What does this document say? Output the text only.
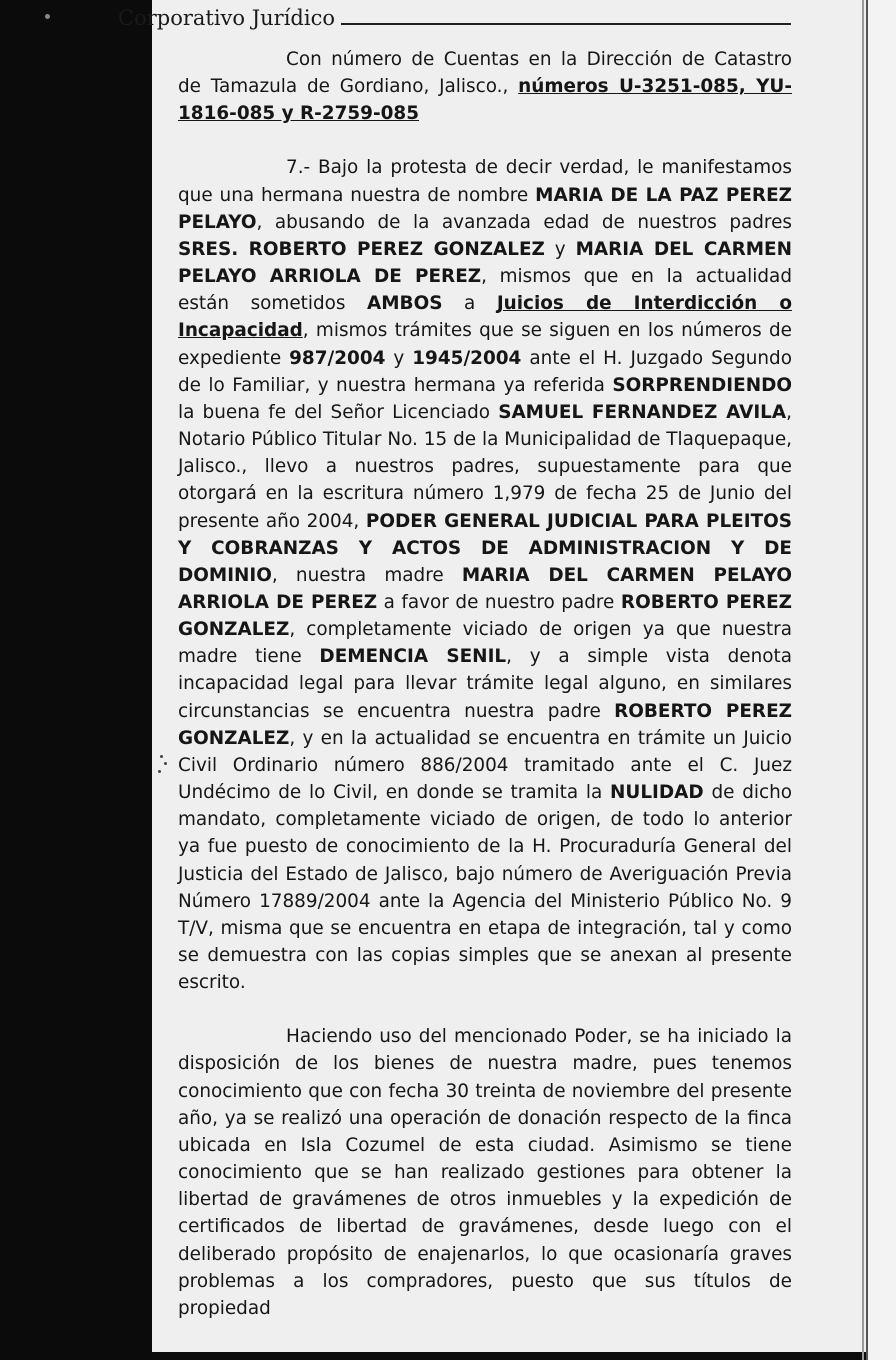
Corporativo Jurídico

Con número de Cuentas en la Dirección de Catastro de Tamazula de Gordiano, Jalisco., números U-3251-085, YU-1816-085 y R-2759-085

7.- Bajo la protesta de decir verdad, le manifestamos que una hermana nuestra de nombre MARIA DE LA PAZ PEREZ PELAYO, abusando de la avanzada edad de nuestros padres SRES. ROBERTO PEREZ GONZALEZ y MARIA DEL CARMEN PELAYO ARRIOLA DE PEREZ, mismos que en la actualidad están sometidos AMBOS a Juicios de Interdicción o Incapacidad, mismos trámites que se siguen en los números de expediente 987/2004 y 1945/2004 ante el H. Juzgado Segundo de lo Familiar, y nuestra hermana ya referida SORPRENDIENDO la buena fe del Señor Licenciado SAMUEL FERNANDEZ AVILA, Notario Público Titular No. 15 de la Municipalidad de Tlaquepaque, Jalisco., llevo a nuestros padres, supuestamente para que otorgará en la escritura número 1,979 de fecha 25 de Junio del presente año 2004, PODER GENERAL JUDICIAL PARA PLEITOS Y COBRANZAS Y ACTOS DE ADMINISTRACION Y DE DOMINIO, nuestra madre MARIA DEL CARMEN PELAYO ARRIOLA DE PEREZ a favor de nuestro padre ROBERTO PEREZ GONZALEZ, completamente viciado de origen ya que nuestra madre tiene DEMENCIA SENIL, y a simple vista denota incapacidad legal para llevar trámite legal alguno, en similares circunstancias se encuentra nuestra padre ROBERTO PEREZ GONZALEZ, y en la actualidad se encuentra en trámite un Juicio Civil Ordinario número 886/2004 tramitado ante el C. Juez Undécimo de lo Civil, en donde se tramita la NULIDAD de dicho mandato, completamente viciado de origen, de todo lo anterior ya fue puesto de conocimiento de la H. Procuraduría General del Justicia del Estado de Jalisco, bajo número de Averiguación Previa Número 17889/2004 ante la Agencia del Ministerio Público No. 9 T/V, misma que se encuentra en etapa de integración, tal y como se demuestra con las copias simples que se anexan al presente escrito.

Haciendo uso del mencionado Poder, se ha iniciado la disposición de los bienes de nuestra madre, pues tenemos conocimiento que con fecha 30 treinta de noviembre del presente año, ya se realizó una operación de donación respecto de la finca ubicada en Isla Cozumel de esta ciudad. Asimismo se tiene conocimiento que se han realizado gestiones para obtener la libertad de gravámenes de otros inmuebles y la expedición de certificados de libertad de gravámenes, desde luego con el deliberado propósito de enajenarlos, lo que ocasionaría graves problemas a los compradores, puesto que sus títulos de propiedad
